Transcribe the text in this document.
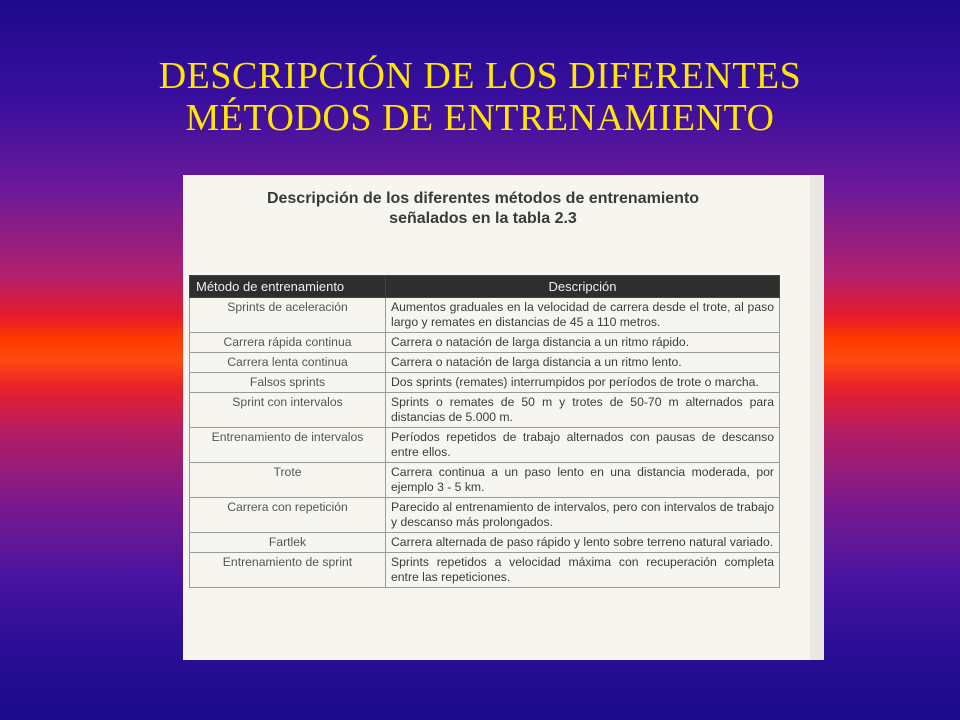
DESCRIPCIÓN DE LOS DIFERENTES
MÉTODOS DE ENTRENAMIENTO
Descripción de los diferentes métodos de entrenamiento
señalados en la tabla 2.3
Método de entrenamiento	Descripción
Sprints de aceleración	Aumentos graduales en la velocidad de carrera desde el trote, al paso largo y remates en distancias de 45 a 110 metros.
Carrera rápida continua	Carrera o natación de larga distancia a un ritmo rápido.
Carrera lenta continua	Carrera o natación de larga distancia a un ritmo lento.
Falsos sprints	Dos sprints (remates) interrumpidos por períodos de trote o marcha.
Sprint con intervalos	Sprints o remates de 50 m y trotes de 50-70 m alternados para distancias de 5.000 m.
Entrenamiento de intervalos	Períodos repetidos de trabajo alternados con pausas de descanso entre ellos.
Trote	Carrera continua a un paso lento en una distancia moderada, por ejemplo 3 - 5 km.
Carrera con repetición	Parecido al entrenamiento de intervalos, pero con intervalos de trabajo y descanso más prolongados.
Fartlek	Carrera alternada de paso rápido y lento sobre terreno natural variado.
Entrenamiento de sprint	Sprints repetidos a velocidad máxima con recuperación completa entre las repeticiones.
